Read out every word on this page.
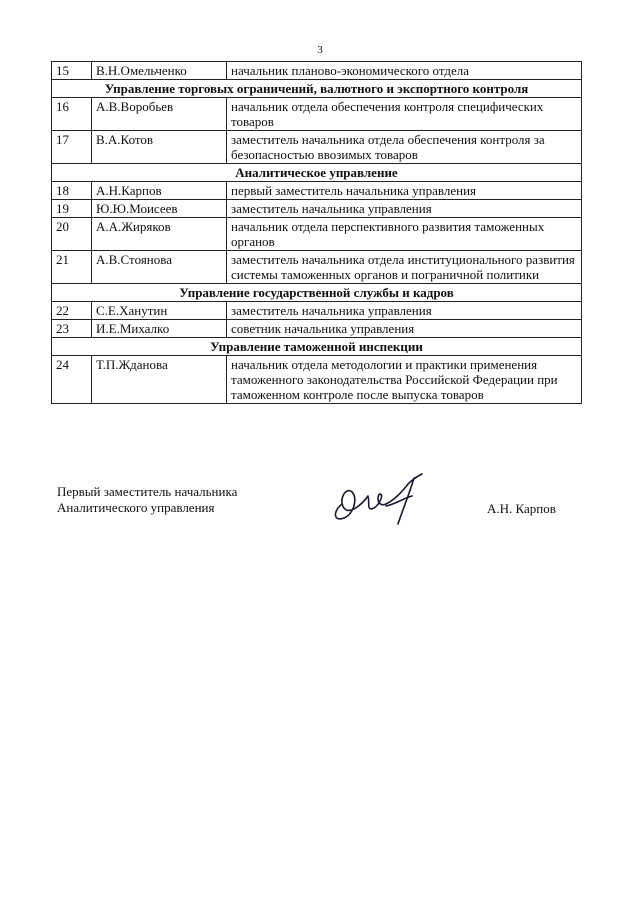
3
15	В.Н.Омельченко	начальник планово-экономического отдела
Управление торговых ограничений, валютного и экспортного контроля		
16	А.В.Воробьев	начальник отдела обеспечения контроля специфических товаров
17	В.А.Котов	заместитель начальника отдела обеспечения контроля за безопасностью ввозимых товаров
Аналитическое управление		
18	А.Н.Карпов	первый заместитель начальника управления
19	Ю.Ю.Моисеев	заместитель начальника управления
20	А.А.Жиряков	начальник отдела перспективного развития таможенных органов
21	А.В.Стоянова	заместитель начальника отдела институционального развития системы таможенных органов и пограничной политики
Управление государственной службы и кадров		
22	С.Е.Ханутин	заместитель начальника управления
23	И.Е.Михалко	советник начальника управления
Управление таможенной инспекции		
24	Т.П.Жданова	начальник отдела методологии и практики применения таможенного законодательства Российской Федерации при таможенном контроле после выпуска товаров
Первый заместитель начальника
Аналитического управления	А.Н. Карпов
